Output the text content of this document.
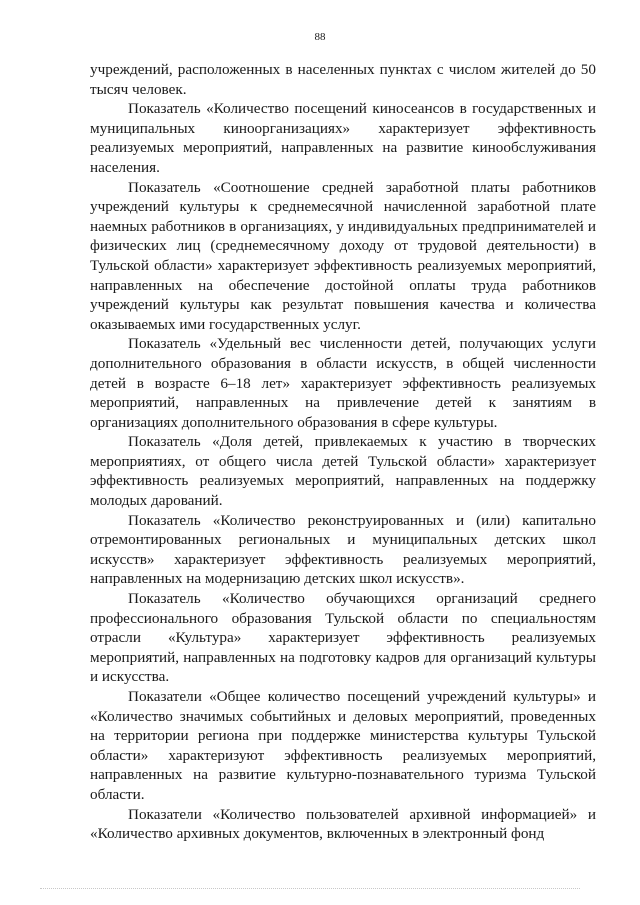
88

учреждений, расположенных в населенных пунктах с числом жителей до 50 тысяч человек.

Показатель «Количество посещений киносеансов в государственных и муниципальных киноорганизациях» характеризует эффективность реализуемых мероприятий, направленных на развитие кинообслуживания населения.

Показатель «Соотношение средней заработной платы работников учреждений культуры к среднемесячной начисленной заработной плате наемных работников в организациях, у индивидуальных предпринимателей и физических лиц (среднемесячному доходу от трудовой деятельности) в Тульской области» характеризует эффективность реализуемых мероприятий, направленных на обеспечение достойной оплаты труда работников учреждений культуры как результат повышения качества и количества оказываемых ими государственных услуг.

Показатель «Удельный вес численности детей, получающих услуги дополнительного образования в области искусств, в общей численности детей в возрасте 6–18 лет» характеризует эффективность реализуемых мероприятий, направленных на привлечение детей к занятиям в организациях дополнительного образования в сфере культуры.

Показатель «Доля детей, привлекаемых к участию в творческих мероприятиях, от общего числа детей Тульской области» характеризует эффективность реализуемых мероприятий, направленных на поддержку молодых дарований.

Показатель «Количество реконструированных и (или) капитально отремонтированных региональных и муниципальных детских школ искусств» характеризует эффективность реализуемых мероприятий, направленных на модернизацию детских школ искусств».

Показатель «Количество обучающихся организаций среднего профессионального образования Тульской области по специальностям отрасли «Культура» характеризует эффективность реализуемых мероприятий, направленных на подготовку кадров для организаций культуры и искусства.

Показатели «Общее количество посещений учреждений культуры» и «Количество значимых событийных и деловых мероприятий, проведенных на территории региона при поддержке министерства культуры Тульской области» характеризуют эффективность реализуемых мероприятий, направленных на развитие культурно-познавательного туризма Тульской области.

Показатели «Количество пользователей архивной информацией» и «Количество архивных документов, включенных в электронный фонд
